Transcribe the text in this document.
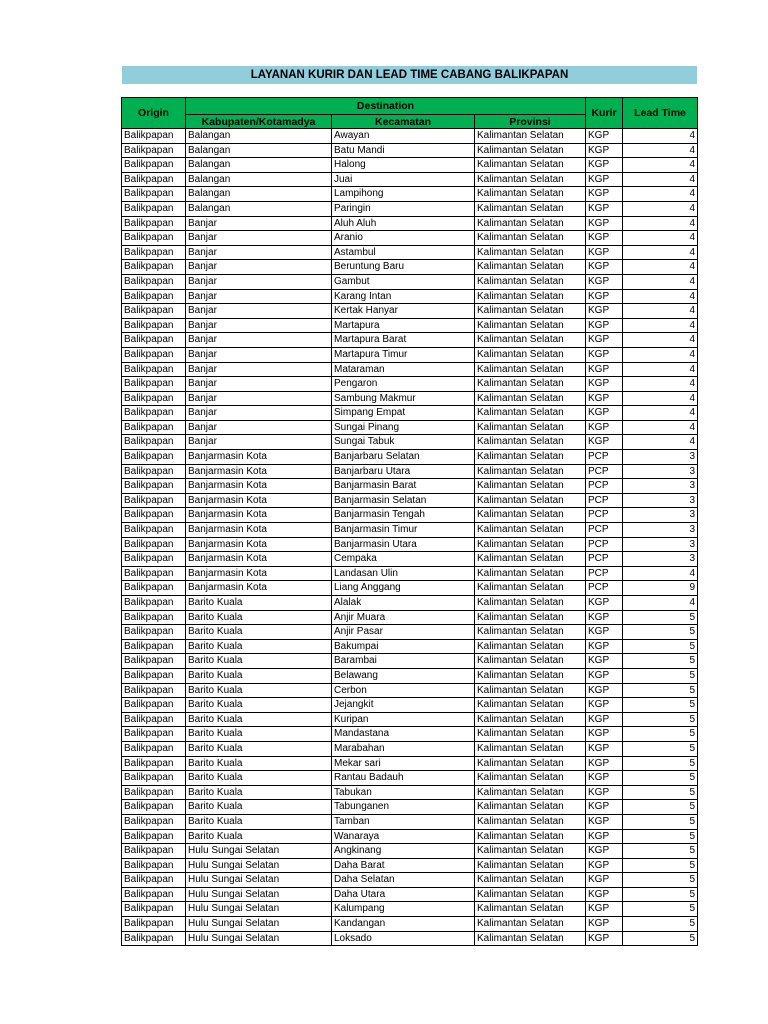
LAYANAN KURIR DAN LEAD TIME CABANG BALIKPAPAN
Origin	Destination			Kurir	Lead Time
	Kabupaten/Kotamadya	Kecamatan	Provinsi		
Balikpapan	Balangan	Awayan	Kalimantan Selatan	KGP	4
Balikpapan	Balangan	Batu Mandi	Kalimantan Selatan	KGP	4
Balikpapan	Balangan	Halong	Kalimantan Selatan	KGP	4
Balikpapan	Balangan	Juai	Kalimantan Selatan	KGP	4
Balikpapan	Balangan	Lampihong	Kalimantan Selatan	KGP	4
Balikpapan	Balangan	Paringin	Kalimantan Selatan	KGP	4
Balikpapan	Banjar	Aluh Aluh	Kalimantan Selatan	KGP	4
Balikpapan	Banjar	Aranio	Kalimantan Selatan	KGP	4
Balikpapan	Banjar	Astambul	Kalimantan Selatan	KGP	4
Balikpapan	Banjar	Beruntung Baru	Kalimantan Selatan	KGP	4
Balikpapan	Banjar	Gambut	Kalimantan Selatan	KGP	4
Balikpapan	Banjar	Karang Intan	Kalimantan Selatan	KGP	4
Balikpapan	Banjar	Kertak Hanyar	Kalimantan Selatan	KGP	4
Balikpapan	Banjar	Martapura	Kalimantan Selatan	KGP	4
Balikpapan	Banjar	Martapura Barat	Kalimantan Selatan	KGP	4
Balikpapan	Banjar	Martapura Timur	Kalimantan Selatan	KGP	4
Balikpapan	Banjar	Mataraman	Kalimantan Selatan	KGP	4
Balikpapan	Banjar	Pengaron	Kalimantan Selatan	KGP	4
Balikpapan	Banjar	Sambung Makmur	Kalimantan Selatan	KGP	4
Balikpapan	Banjar	Simpang Empat	Kalimantan Selatan	KGP	4
Balikpapan	Banjar	Sungai Pinang	Kalimantan Selatan	KGP	4
Balikpapan	Banjar	Sungai Tabuk	Kalimantan Selatan	KGP	4
Balikpapan	Banjarmasin Kota	Banjarbaru Selatan	Kalimantan Selatan	PCP	3
Balikpapan	Banjarmasin Kota	Banjarbaru Utara	Kalimantan Selatan	PCP	3
Balikpapan	Banjarmasin Kota	Banjarmasin Barat	Kalimantan Selatan	PCP	3
Balikpapan	Banjarmasin Kota	Banjarmasin Selatan	Kalimantan Selatan	PCP	3
Balikpapan	Banjarmasin Kota	Banjarmasin Tengah	Kalimantan Selatan	PCP	3
Balikpapan	Banjarmasin Kota	Banjarmasin Timur	Kalimantan Selatan	PCP	3
Balikpapan	Banjarmasin Kota	Banjarmasin Utara	Kalimantan Selatan	PCP	3
Balikpapan	Banjarmasin Kota	Cempaka	Kalimantan Selatan	PCP	3
Balikpapan	Banjarmasin Kota	Landasan Ulin	Kalimantan Selatan	PCP	4
Balikpapan	Banjarmasin Kota	Liang Anggang	Kalimantan Selatan	PCP	9
Balikpapan	Barito Kuala	Alalak	Kalimantan Selatan	KGP	4
Balikpapan	Barito Kuala	Anjir Muara	Kalimantan Selatan	KGP	5
Balikpapan	Barito Kuala	Anjir Pasar	Kalimantan Selatan	KGP	5
Balikpapan	Barito Kuala	Bakumpai	Kalimantan Selatan	KGP	5
Balikpapan	Barito Kuala	Barambai	Kalimantan Selatan	KGP	5
Balikpapan	Barito Kuala	Belawang	Kalimantan Selatan	KGP	5
Balikpapan	Barito Kuala	Cerbon	Kalimantan Selatan	KGP	5
Balikpapan	Barito Kuala	Jejangkit	Kalimantan Selatan	KGP	5
Balikpapan	Barito Kuala	Kuripan	Kalimantan Selatan	KGP	5
Balikpapan	Barito Kuala	Mandastana	Kalimantan Selatan	KGP	5
Balikpapan	Barito Kuala	Marabahan	Kalimantan Selatan	KGP	5
Balikpapan	Barito Kuala	Mekar sari	Kalimantan Selatan	KGP	5
Balikpapan	Barito Kuala	Rantau Badauh	Kalimantan Selatan	KGP	5
Balikpapan	Barito Kuala	Tabukan	Kalimantan Selatan	KGP	5
Balikpapan	Barito Kuala	Tabunganen	Kalimantan Selatan	KGP	5
Balikpapan	Barito Kuala	Tamban	Kalimantan Selatan	KGP	5
Balikpapan	Barito Kuala	Wanaraya	Kalimantan Selatan	KGP	5
Balikpapan	Hulu Sungai Selatan	Angkinang	Kalimantan Selatan	KGP	5
Balikpapan	Hulu Sungai Selatan	Daha Barat	Kalimantan Selatan	KGP	5
Balikpapan	Hulu Sungai Selatan	Daha Selatan	Kalimantan Selatan	KGP	5
Balikpapan	Hulu Sungai Selatan	Daha Utara	Kalimantan Selatan	KGP	5
Balikpapan	Hulu Sungai Selatan	Kalumpang	Kalimantan Selatan	KGP	5
Balikpapan	Hulu Sungai Selatan	Kandangan	Kalimantan Selatan	KGP	5
Balikpapan	Hulu Sungai Selatan	Loksado	Kalimantan Selatan	KGP	5
